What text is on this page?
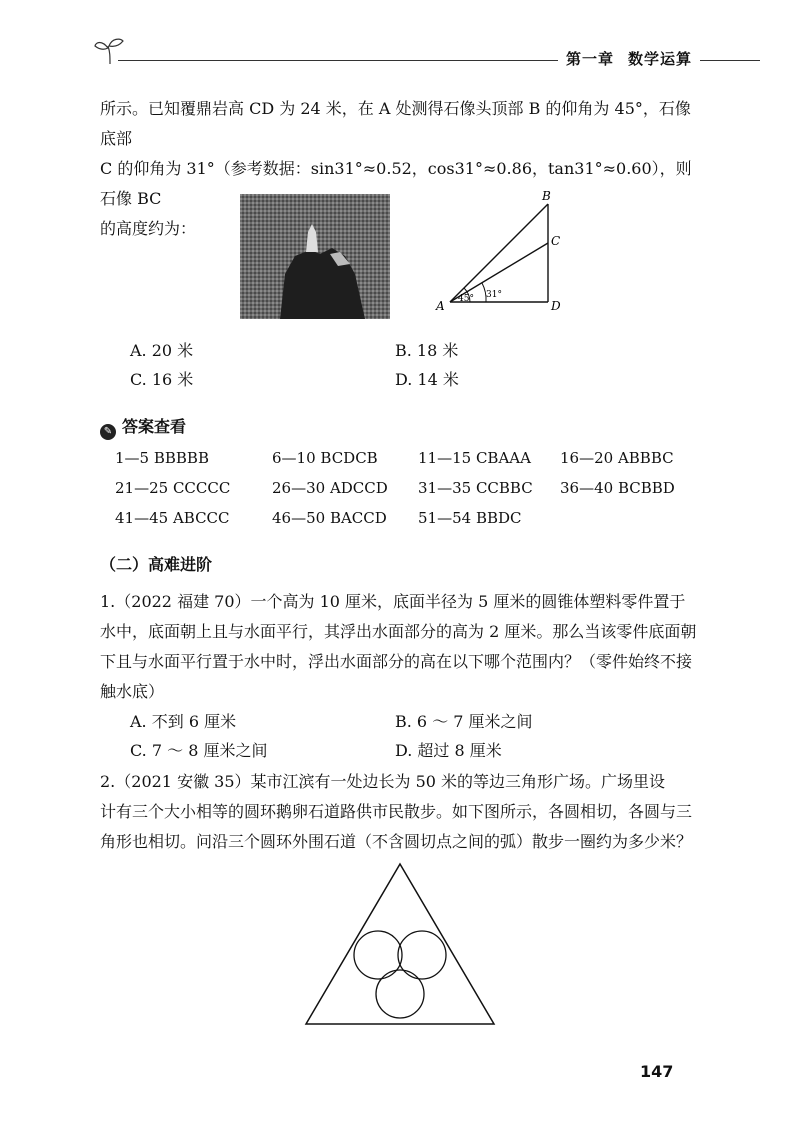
第一章 数学运算
所示。已知覆鼎岩高 CD 为 24 米，在 A 处测得石像头顶部 B 的仰角为 45°，石像底部
C 的仰角为 31°（参考数据：sin31°≈0.52，cos31°≈0.86，tan31°≈0.60），则石像 BC
的高度约为：
B
C
A	D
45° 31°
A. 20 米	B. 18 米
C. 16 米	D. 14 米
✎ 答案查看
1—5 BBBBB	6—10 BCDCB	11—15 CBAAA 16—20 ABBBC
21—25 CCCCC	26—30 ADCCD 31—35 CCBBC 36—40 BCBBD
41—45 ABCCC	46—50 BACCD 51—54 BBDC
（二）高难进阶
1.（2022 福建 70）一个高为 10 厘米，底面半径为 5 厘米的圆锥体塑料零件置于
水中，底面朝上且与水面平行，其浮出水面部分的高为 2 厘米。那么当该零件底面朝
下且与水面平行置于水中时，浮出水面部分的高在以下哪个范围内？（零件始终不接
触水底）
A. 不到 6 厘米	B. 6 ～ 7 厘米之间
C. 7 ～ 8 厘米之间	D. 超过 8 厘米
2.（2021 安徽 35）某市江滨有一处边长为 50 米的等边三角形广场。广场里设
计有三个大小相等的圆环鹅卵石道路供市民散步。如下图所示，各圆相切，各圆与三
角形也相切。问沿三个圆环外围石道（不含圆切点之间的弧）散步一圈约为多少米？
147
